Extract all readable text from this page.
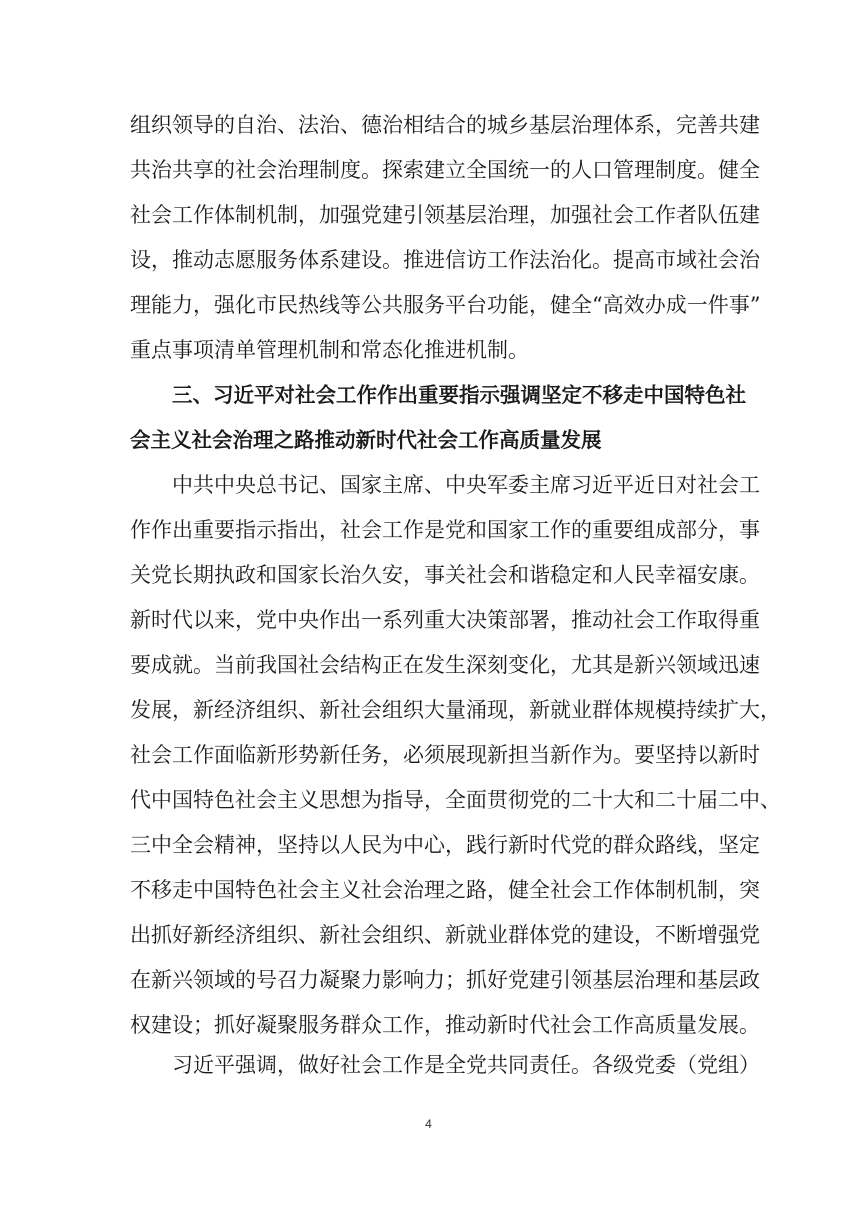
组织领导的自治、法治、德治相结合的城乡基层治理体系，完善共建
共治共享的社会治理制度。探索建立全国统一的人口管理制度。健全
社会工作体制机制，加强党建引领基层治理，加强社会工作者队伍建
设，推动志愿服务体系建设。推进信访工作法治化。提高市域社会治
理能力，强化市民热线等公共服务平台功能，健全“高效办成一件事”
重点事项清单管理机制和常态化推进机制。
三、习近平对社会工作作出重要指示强调坚定不移走中国特色社
会主义社会治理之路推动新时代社会工作高质量发展
中共中央总书记、国家主席、中央军委主席习近平近日对社会工
作作出重要指示指出，社会工作是党和国家工作的重要组成部分，事
关党长期执政和国家长治久安，事关社会和谐稳定和人民幸福安康。
新时代以来，党中央作出一系列重大决策部署，推动社会工作取得重
要成就。当前我国社会结构正在发生深刻变化，尤其是新兴领域迅速
发展，新经济组织、新社会组织大量涌现，新就业群体规模持续扩大，
社会工作面临新形势新任务，必须展现新担当新作为。要坚持以新时
代中国特色社会主义思想为指导，全面贯彻党的二十大和二十届二中、
三中全会精神，坚持以人民为中心，践行新时代党的群众路线，坚定
不移走中国特色社会主义社会治理之路，健全社会工作体制机制，突
出抓好新经济组织、新社会组织、新就业群体党的建设，不断增强党
在新兴领域的号召力凝聚力影响力；抓好党建引领基层治理和基层政
权建设；抓好凝聚服务群众工作，推动新时代社会工作高质量发展。
习近平强调，做好社会工作是全党共同责任。各级党委（党组）
4
